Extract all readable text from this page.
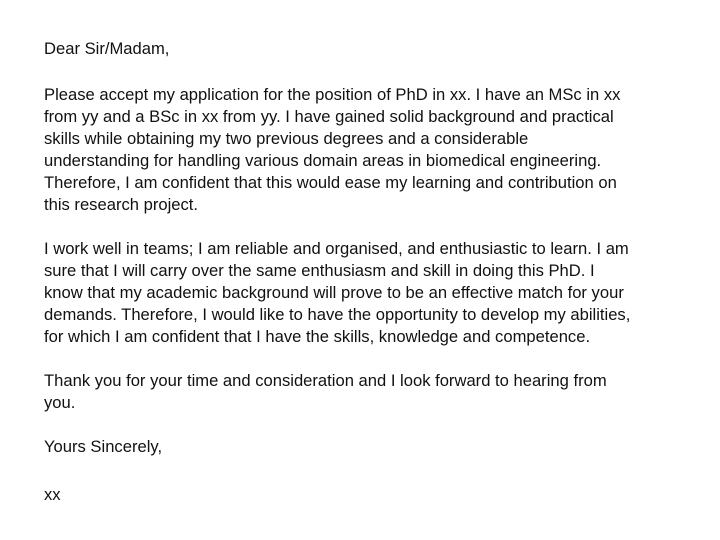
Dear Sir/Madam,

Please accept my application for the position of PhD in xx. I have an MSc in xx
from yy and a BSc in xx from yy. I have gained solid background and practical
skills while obtaining my two previous degrees and a considerable
understanding for handling various domain areas in biomedical engineering.
Therefore, I am confident that this would ease my learning and contribution on
this research project.

I work well in teams; I am reliable and organised, and enthusiastic to learn. I am
sure that I will carry over the same enthusiasm and skill in doing this PhD. I
know that my academic background will prove to be an effective match for your
demands. Therefore, I would like to have the opportunity to develop my abilities,
for which I am confident that I have the skills, knowledge and competence.

Thank you for your time and consideration and I look forward to hearing from
you.

Yours Sincerely,

xx
